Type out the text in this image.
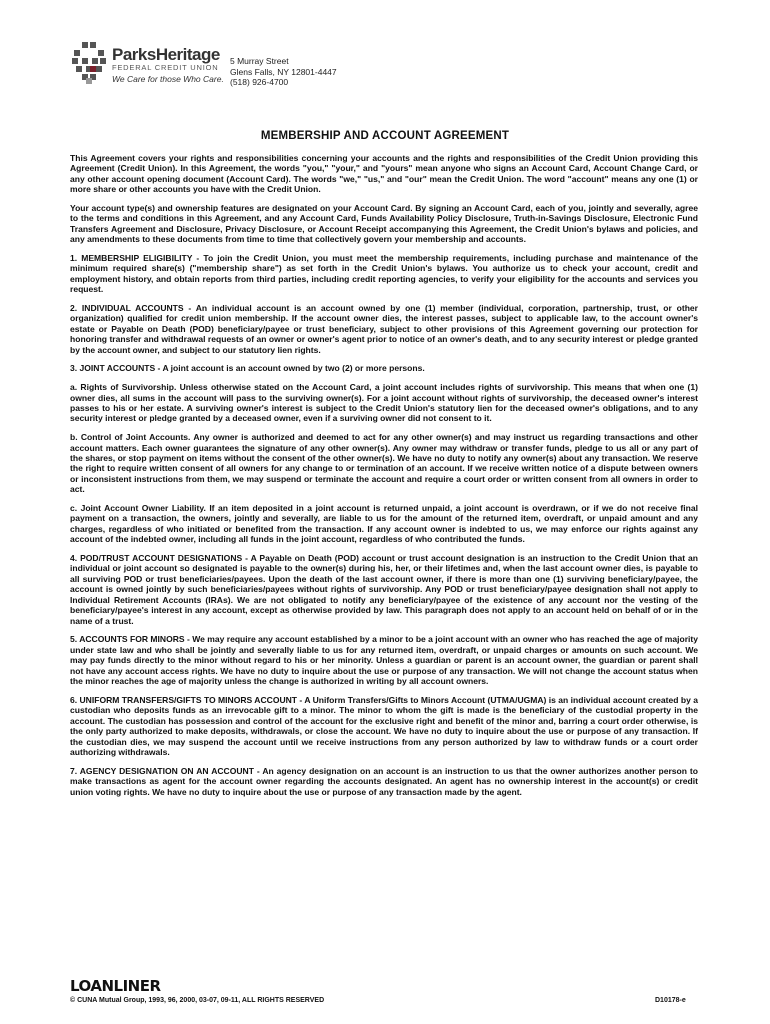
ParksHeritage
FEDERAL CREDIT UNION
We Care for those Who Care.
5 Murray Street
Glens Falls, NY 12801-4447
(518) 926-4700
MEMBERSHIP AND ACCOUNT AGREEMENT

This Agreement covers your rights and responsibilities concerning your accounts and the rights and responsibilities of the Credit Union providing this Agreement (Credit Union). In this Agreement, the words "you," "your," and "yours" mean anyone who signs an Account Card, Account Change Card, or any other account opening document (Account Card). The words "we," "us," and "our" mean the Credit Union. The word "account" means any one (1) or more share or other accounts you have with the Credit Union.

Your account type(s) and ownership features are designated on your Account Card. By signing an Account Card, each of you, jointly and severally, agree to the terms and conditions in this Agreement, and any Account Card, Funds Availability Policy Disclosure, Truth-in-Savings Disclosure, Electronic Fund Transfers Agreement and Disclosure, Privacy Disclosure, or Account Receipt accompanying this Agreement, the Credit Union's bylaws and policies, and any amendments to these documents from time to time that collectively govern your membership and accounts.

1. MEMBERSHIP ELIGIBILITY - To join the Credit Union, you must meet the membership requirements, including purchase and maintenance of the minimum required share(s) ("membership share") as set forth in the Credit Union's bylaws. You authorize us to check your account, credit and employment history, and obtain reports from third parties, including credit reporting agencies, to verify your eligibility for the accounts and services you request.

2. INDIVIDUAL ACCOUNTS - An individual account is an account owned by one (1) member (individual, corporation, partnership, trust, or other organization) qualified for credit union membership. If the account owner dies, the interest passes, subject to applicable law, to the account owner's estate or Payable on Death (POD) beneficiary/payee or trust beneficiary, subject to other provisions of this Agreement governing our protection for honoring transfer and withdrawal requests of an owner or owner's agent prior to notice of an owner's death, and to any security interest or pledge granted by the account owner, and subject to our statutory lien rights.

3. JOINT ACCOUNTS - A joint account is an account owned by two (2) or more persons.

a. Rights of Survivorship. Unless otherwise stated on the Account Card, a joint account includes rights of survivorship. This means that when one (1) owner dies, all sums in the account will pass to the surviving owner(s). For a joint account without rights of survivorship, the deceased owner's interest passes to his or her estate. A surviving owner's interest is subject to the Credit Union's statutory lien for the deceased owner's obligations, and to any security interest or pledge granted by a deceased owner, even if a surviving owner did not consent to it.

b. Control of Joint Accounts. Any owner is authorized and deemed to act for any other owner(s) and may instruct us regarding transactions and other account matters. Each owner guarantees the signature of any other owner(s). Any owner may withdraw or transfer funds, pledge to us all or any part of the shares, or stop payment on items without the consent of the other owner(s). We have no duty to notify any owner(s) about any transaction. We reserve the right to require written consent of all owners for any change to or termination of an account. If we receive written notice of a dispute between owners or inconsistent instructions from them, we may suspend or terminate the account and require a court order or written consent from all owners in order to act.

c. Joint Account Owner Liability. If an item deposited in a joint account is returned unpaid, a joint account is overdrawn, or if we do not receive final payment on a transaction, the owners, jointly and severally, are liable to us for the amount of the returned item, overdraft, or unpaid amount and any charges, regardless of who initiated or benefited from the transaction. If any account owner is indebted to us, we may enforce our rights against any account of the indebted owner, including all funds in the joint account, regardless of who contributed the funds.

4. POD/TRUST ACCOUNT DESIGNATIONS - A Payable on Death (POD) account or trust account designation is an instruction to the Credit Union that an individual or joint account so designated is payable to the owner(s) during his, her, or their lifetimes and, when the last account owner dies, is payable to all surviving POD or trust beneficiaries/payees. Upon the death of the last account owner, if there is more than one (1) surviving beneficiary/payee, the account is owned jointly by such beneficiaries/payees without rights of survivorship. Any POD or trust beneficiary/payee designation shall not apply to Individual Retirement Accounts (IRAs). We are not obligated to notify any beneficiary/payee of the existence of any account nor the vesting of the beneficiary/payee's interest in any account, except as otherwise provided by law. This paragraph does not apply to an account held on behalf of or in the name of a trust.

5. ACCOUNTS FOR MINORS - We may require any account established by a minor to be a joint account with an owner who has reached the age of majority under state law and who shall be jointly and severally liable to us for any returned item, overdraft, or unpaid charges or amounts on such account. We may pay funds directly to the minor without regard to his or her minority. Unless a guardian or parent is an account owner, the guardian or parent shall not have any account access rights. We have no duty to inquire about the use or purpose of any transaction. We will not change the account status when the minor reaches the age of majority unless the change is authorized in writing by all account owners.

6. UNIFORM TRANSFERS/GIFTS TO MINORS ACCOUNT - A Uniform Transfers/Gifts to Minors Account (UTMA/UGMA) is an individual account created by a custodian who deposits funds as an irrevocable gift to a minor. The minor to whom the gift is made is the beneficiary of the custodial property in the account. The custodian has possession and control of the account for the exclusive right and benefit of the minor and, barring a court order otherwise, is the only party authorized to make deposits, withdrawals, or close the account. We have no duty to inquire about the use or purpose of any transaction. If the custodian dies, we may suspend the account until we receive instructions from any person authorized by law to withdraw funds or a court order authorizing withdrawals.

7. AGENCY DESIGNATION ON AN ACCOUNT - An agency designation on an account is an instruction to us that the owner authorizes another person to make transactions as agent for the account owner regarding the accounts designated. An agent has no ownership interest in the account(s) or credit union voting rights. We have no duty to inquire about the use or purpose of any transaction made by the agent.

LOANLINER
© CUNA Mutual Group, 1993, 96, 2000, 03-07, 09-11, ALL RIGHTS RESERVED	D10178-e
